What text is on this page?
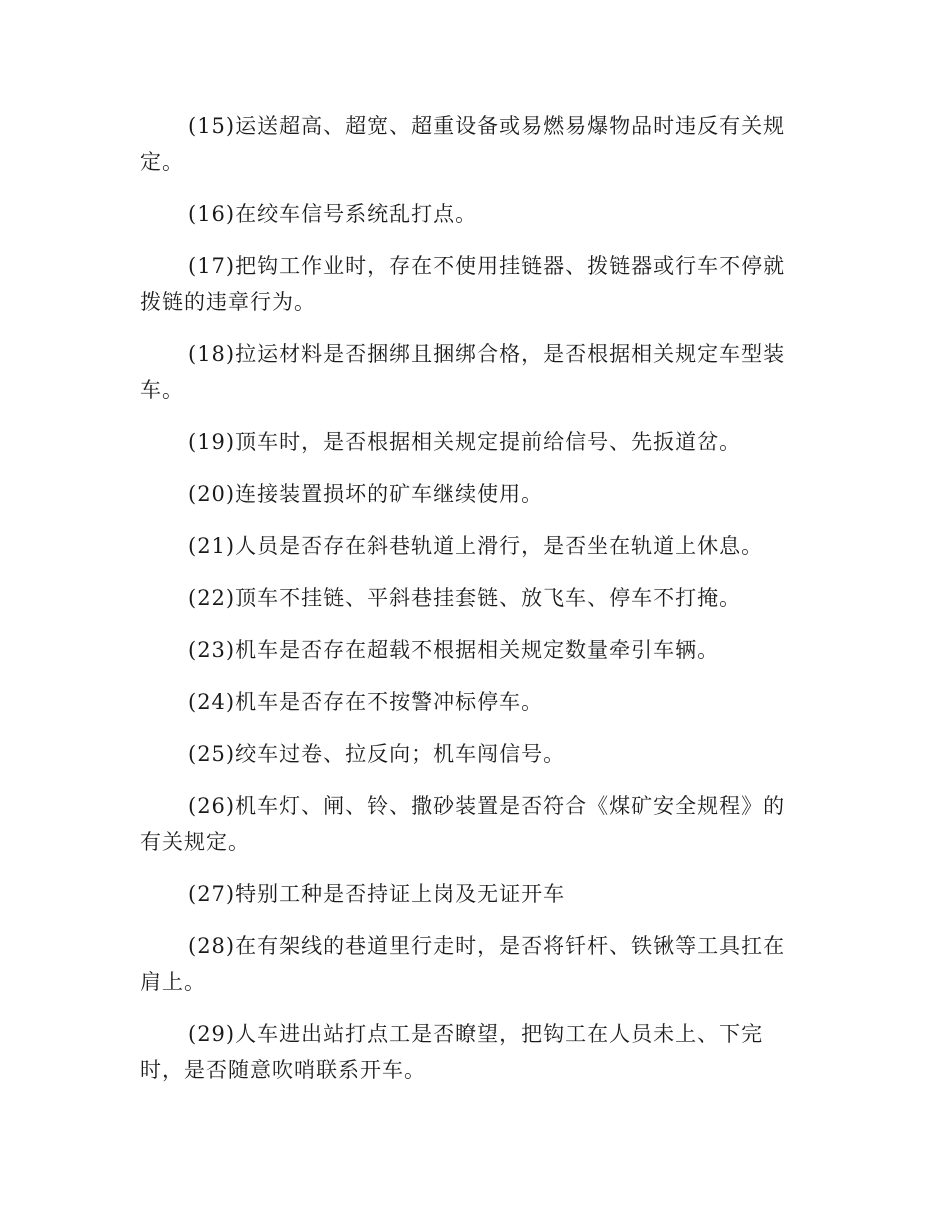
(15)运送超高、超宽、超重设备或易燃易爆物品时违反有关规定。

(16)在绞车信号系统乱打点。

(17)把钩工作业时，存在不使用挂链器、拨链器或行车不停就拨链的违章行为。

(18)拉运材料是否捆绑且捆绑合格，是否根据相关规定车型装车。

(19)顶车时，是否根据相关规定提前给信号、先扳道岔。

(20)连接装置损坏的矿车继续使用。

(21)人员是否存在斜巷轨道上滑行，是否坐在轨道上休息。

(22)顶车不挂链、平斜巷挂套链、放飞车、停车不打掩。

(23)机车是否存在超载不根据相关规定数量牵引车辆。

(24)机车是否存在不按警冲标停车。

(25)绞车过卷、拉反向；机车闯信号。

(26)机车灯、闸、铃、撒砂装置是否符合《煤矿安全规程》的有关规定。

(27)特别工种是否持证上岗及无证开车

(28)在有架线的巷道里行走时，是否将钎杆、铁锹等工具扛在肩上。

(29)人车进出站打点工是否瞭望，把钩工在人员未上、下完时，是否随意吹哨联系开车。
